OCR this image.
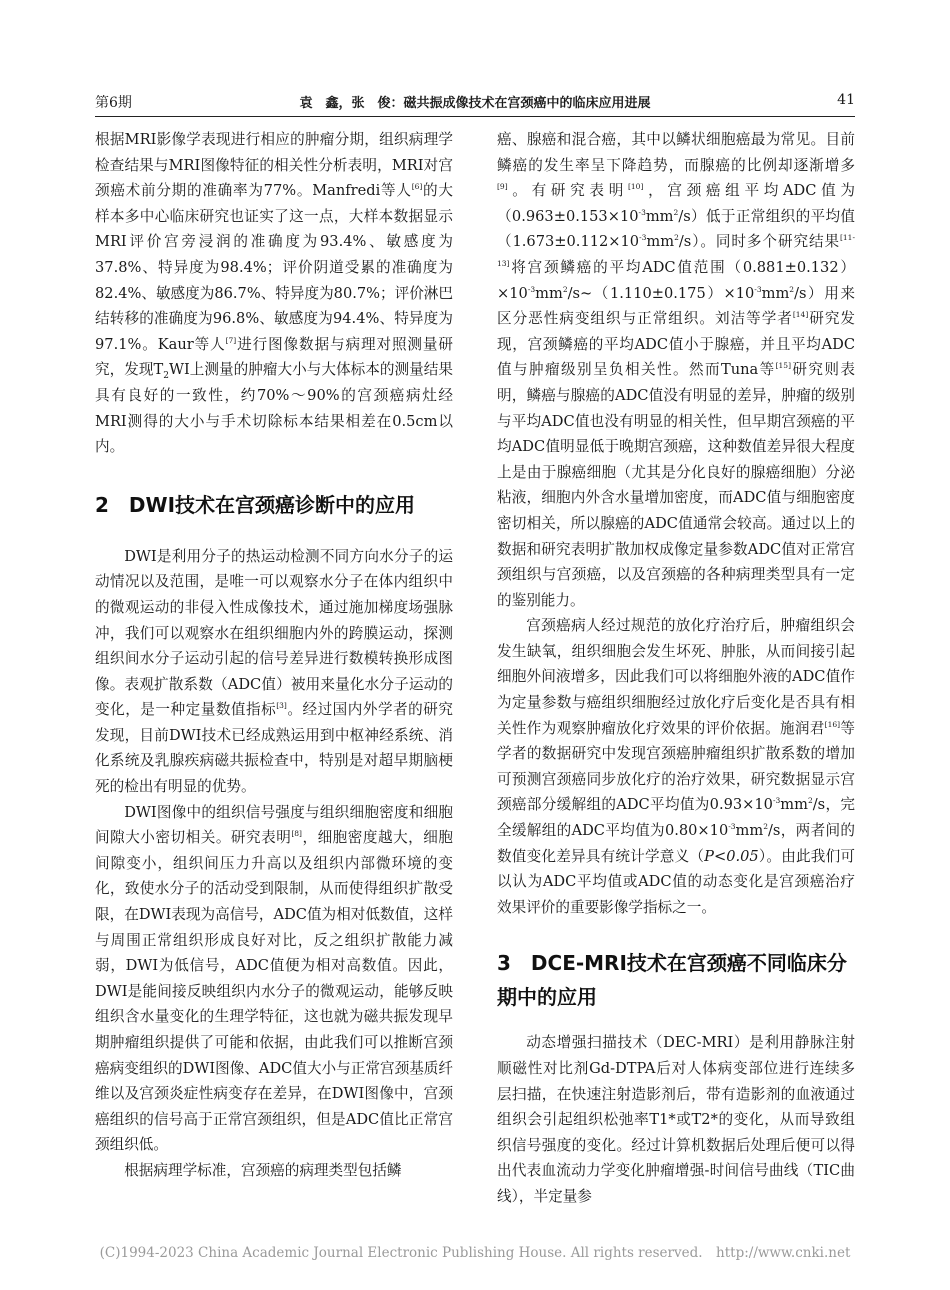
第6期	袁　鑫，张　俊：磁共振成像技术在宫颈癌中的临床应用进展	41

根据MRI影像学表现进行相应的肿瘤分期，组织病理学检查结果与MRI图像特征的相关性分析表明，MRI对宫颈癌术前分期的准确率为77%。Manfredi等人[6]的大样本多中心临床研究也证实了这一点，大样本数据显示MRI评价宫旁浸润的准确度为93.4%、敏感度为37.8%、特异度为98.4%；评价阴道受累的准确度为82.4%、敏感度为86.7%、特异度为80.7%；评价淋巴结转移的准确度为96.8%、敏感度为94.4%、特异度为97.1%。Kaur等人[7]进行图像数据与病理对照测量研究，发现$T_2WI$上测量的肿瘤大小与大体标本的测量结果具有良好的一致性，约70%～90%的宫颈癌病灶经MRI测得的大小与手术切除标本结果相差在0.5cm以内。

2　DWI技术在宫颈癌诊断中的应用

DWI是利用分子的热运动检测不同方向水分子的运动情况以及范围，是唯一可以观察水分子在体内组织中的微观运动的非侵入性成像技术，通过施加梯度场强脉冲，我们可以观察水在组织细胞内外的跨膜运动，探测组织间水分子运动引起的信号差异进行数模转换形成图像。表观扩散系数（ADC值）被用来量化水分子运动的变化，是一种定量数值指标[3]。经过国内外学者的研究发现，目前DWI技术已经成熟运用到中枢神经系统、消化系统及乳腺疾病磁共振检查中，特别是对超早期脑梗死的检出有明显的优势。

DWI图像中的组织信号强度与组织细胞密度和细胞间隙大小密切相关。研究表明[8]，细胞密度越大，细胞间隙变小，组织间压力升高以及组织内部微环境的变化，致使水分子的活动受到限制，从而使得组织扩散受限，在DWI表现为高信号，ADC值为相对低数值，这样与周围正常组织形成良好对比，反之组织扩散能力减弱，DWI为低信号，ADC值便为相对高数值。因此，DWI是能间接反映组织内水分子的微观运动，能够反映组织含水量变化的生理学特征，这也就为磁共振发现早期肿瘤组织提供了可能和依据，由此我们可以推断宫颈癌病变组织的DWI图像、ADC值大小与正常宫颈基质纤维以及宫颈炎症性病变存在差异，在DWI图像中，宫颈癌组织的信号高于正常宫颈组织，但是ADC值比正常宫颈组织低。

根据病理学标准，宫颈癌的病理类型包括鳞

癌、腺癌和混合癌，其中以鳞状细胞癌最为常见。目前鳞癌的发生率呈下降趋势，而腺癌的比例却逐渐增多[9]。有研究表明[10]，宫颈癌组平均ADC值为$(0.963\pm 0.153\times 10^{-3}mm^2/s)$低于正常组织的平均值$(1.673\pm 0.112\times 10^{-3}mm^2/s)$。同时多个研究结果[11-13]将宫颈鳞癌的平均ADC值范围$(0.881\pm 0.132)\times 10^{-3}mm^2/s\sim(1.110\pm 0.175)\times 10^{-3}mm^2/s$）用来区分恶性病变组织与正常组织。刘洁等学者[14]研究发现，宫颈鳞癌的平均ADC值小于腺癌，并且平均ADC值与肿瘤级别呈负相关性。然而Tuna等[15]研究则表明，鳞癌与腺癌的ADC值没有明显的差异，肿瘤的级别与平均ADC值也没有明显的相关性，但早期宫颈癌的平均ADC值明显低于晚期宫颈癌，这种数值差异很大程度上是由于腺癌细胞（尤其是分化良好的腺癌细胞）分泌粘液，细胞内外含水量增加密度，而ADC值与细胞密度密切相关，所以腺癌的ADC值通常会较高。通过以上的数据和研究表明扩散加权成像定量参数ADC值对正常宫颈组织与宫颈癌，以及宫颈癌的各种病理类型具有一定的鉴别能力。

宫颈癌病人经过规范的放化疗治疗后，肿瘤组织会发生缺氧，组织细胞会发生坏死、肿胀，从而间接引起细胞外间液增多，因此我们可以将细胞外液的ADC值作为定量参数与癌组织细胞经过放化疗后变化是否具有相关性作为观察肿瘤放化疗效果的评价依据。施润君[16]等学者的数据研究中发现宫颈癌肿瘤组织扩散系数的增加可预测宫颈癌同步放化疗的治疗效果，研究数据显示宫颈癌部分缓解组的ADC平均值为$0.93\times 10^{-3}mm^2/s$，完全缓解组的ADC平均值为$0.80\times 10^{-3}mm^2/s$，两者间的数值变化差异具有统计学意义（P<0.05）。由此我们可以认为ADC平均值或ADC值的动态变化是宫颈癌治疗效果评价的重要影像学指标之一。

3　DCE-MRI技术在宫颈癌不同临床分期中的应用

动态增强扫描技术（DEC-MRI）是利用静脉注射顺磁性对比剂Gd-DTPA后对人体病变部位进行连续多层扫描，在快速注射造影剂后，带有造影剂的血液通过组织会引起组织松弛率T1*或T2*的变化，从而导致组织信号强度的变化。经过计算机数据后处理后便可以得出代表血流动力学变化肿瘤增强-时间信号曲线（TIC曲线），半定量参

(C)1994-2023 China Academic Journal Electronic Publishing House. All rights reserved.　http://www.cnki.net
